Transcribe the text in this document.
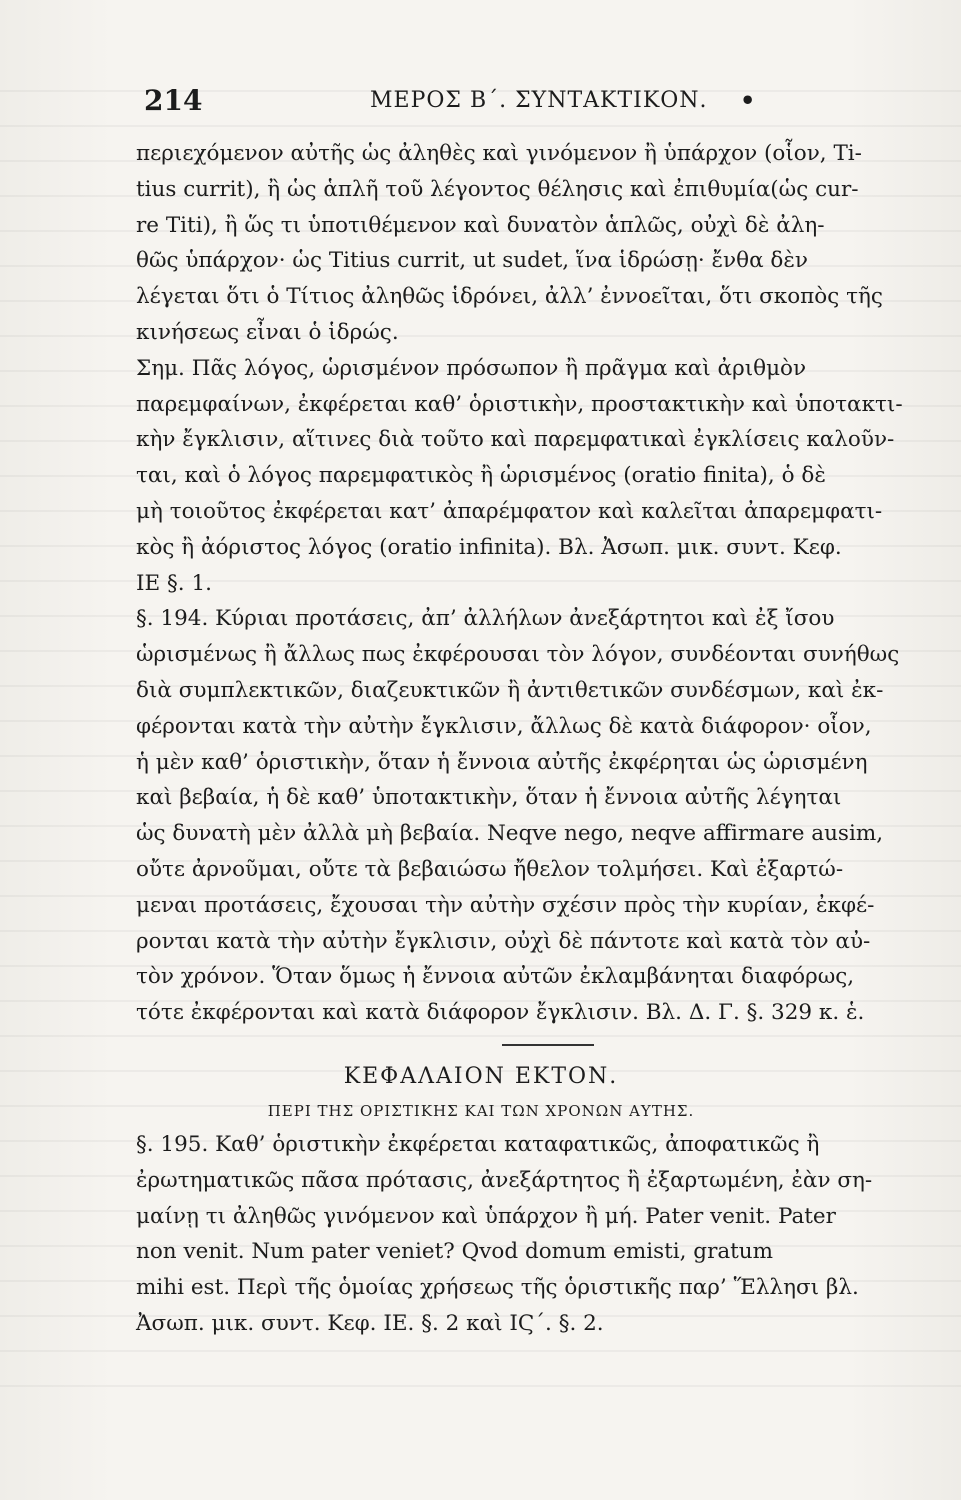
214	ΜΕΡΟΣ Β΄. ΣΥΝΤΑΚΤΙΚΟΝ. •
περιεχόμενον αὐτῆς ὡς ἀληθὲς καὶ γινόμενον ἢ ὑπάρχον (οἷον, Ti-
tius currit), ἢ ὡς ἁπλῆ τοῦ λέγοντος θέλησις καὶ ἐπιθυμία(ὡς cur-
re Titi), ἢ ὥς τι ὑποτιθέμενον καὶ δυνατὸν ἁπλῶς, οὐχὶ δὲ ἀλη-
θῶς ὑπάρχον· ὡς Titius currit, ut sudet, ἵνα ἱδρώσῃ· ἔνθα δὲν
λέγεται ὅτι ὁ Τίτιος ἀληθῶς ἱδρόνει, ἀλλ’ ἐννοεῖται, ὅτι σκοπὸς τῆς
κινήσεως εἶναι ὁ ἱδρώς.
Σημ. Πᾶς λόγος, ὡρισμένον πρόσωπον ἢ πρᾶγμα καὶ ἀριθμὸν
παρεμφαίνων, ἐκφέρεται καθ’ ὁριστικὴν, προστακτικὴν καὶ ὑποτακτι-
κὴν ἔγκλισιν, αἵτινες διὰ τοῦτο καὶ παρεμφατικαὶ ἐγκλίσεις καλοῦν-
ται, καὶ ὁ λόγος παρεμφατικὸς ἢ ὡρισμένος (oratio finita), ὁ δὲ
μὴ τοιοῦτος ἐκφέρεται κατ’ ἀπαρέμφατον καὶ καλεῖται ἀπαρεμφατι-
κὸς ἢ ἀόριστος λόγος (oratio infinita). Βλ. Ἀσωπ. μικ. συντ. Κεφ.
ΙΕ §. 1.
§. 194. Κύριαι προτάσεις, ἀπ’ ἀλλήλων ἀνεξάρτητοι καὶ ἐξ ἴσου
ὡρισμένως ἢ ἄλλως πως ἐκφέρουσαι τὸν λόγον, συνδέονται συνήθως
διὰ συμπλεκτικῶν, διαζευκτικῶν ἢ ἀντιθετικῶν συνδέσμων, καὶ ἐκ-
φέρονται κατὰ τὴν αὐτὴν ἔγκλισιν, ἄλλως δὲ κατὰ διάφορον· οἷον,
ἡ μὲν καθ’ ὁριστικὴν, ὅταν ἡ ἔννοια αὐτῆς ἐκφέρηται ὡς ὡρισμένη
καὶ βεβαία, ἡ δὲ καθ’ ὑποτακτικὴν, ὅταν ἡ ἔννοια αὐτῆς λέγηται
ὡς δυνατὴ μὲν ἀλλὰ μὴ βεβαία. Neqve nego, neqve affirmare ausim,
οὔτε ἀρνοῦμαι, οὔτε τὰ βεβαιώσω ἤθελον τολμήσει. Καὶ ἐξαρτώ-
μεναι προτάσεις, ἔχουσαι τὴν αὐτὴν σχέσιν πρὸς τὴν κυρίαν, ἐκφέ-
ρονται κατὰ τὴν αὐτὴν ἔγκλισιν, οὐχὶ δὲ πάντοτε καὶ κατὰ τὸν αὐ-
τὸν χρόνον. Ὅταν ὅμως ἡ ἔννοια αὐτῶν ἐκλαμβάνηται διαφόρως,
τότε ἐκφέρονται καὶ κατὰ διάφορον ἔγκλισιν. Βλ. Δ. Γ. §. 329 κ. ἑ.
ΚΕΦΑΛΑΙΟΝ ΕΚΤΟΝ.
ΠΕΡΙ ΤΗΣ ΟΡΙΣΤΙΚΗΣ ΚΑΙ ΤΩΝ ΧΡΟΝΩΝ ΑΥΤΗΣ.
§. 195. Καθ’ ὁριστικὴν ἐκφέρεται καταφατικῶς, ἀποφατικῶς ἢ
ἐρωτηματικῶς πᾶσα πρότασις, ἀνεξάρτητος ἢ ἐξαρτωμένη, ἐὰν ση-
μαίνῃ τι ἀληθῶς γινόμενον καὶ ὑπάρχον ἢ μή. Pater venit. Pater
non venit. Num pater veniet? Qvod domum emisti, gratum
mihi est. Περὶ τῆς ὁμοίας χρήσεως τῆς ὁριστικῆς παρ’ Ἕλλησι βλ.
Ἀσωπ. μικ. συντ. Κεφ. ΙΕ. §. 2 καὶ ΙϚ΄. §. 2.
